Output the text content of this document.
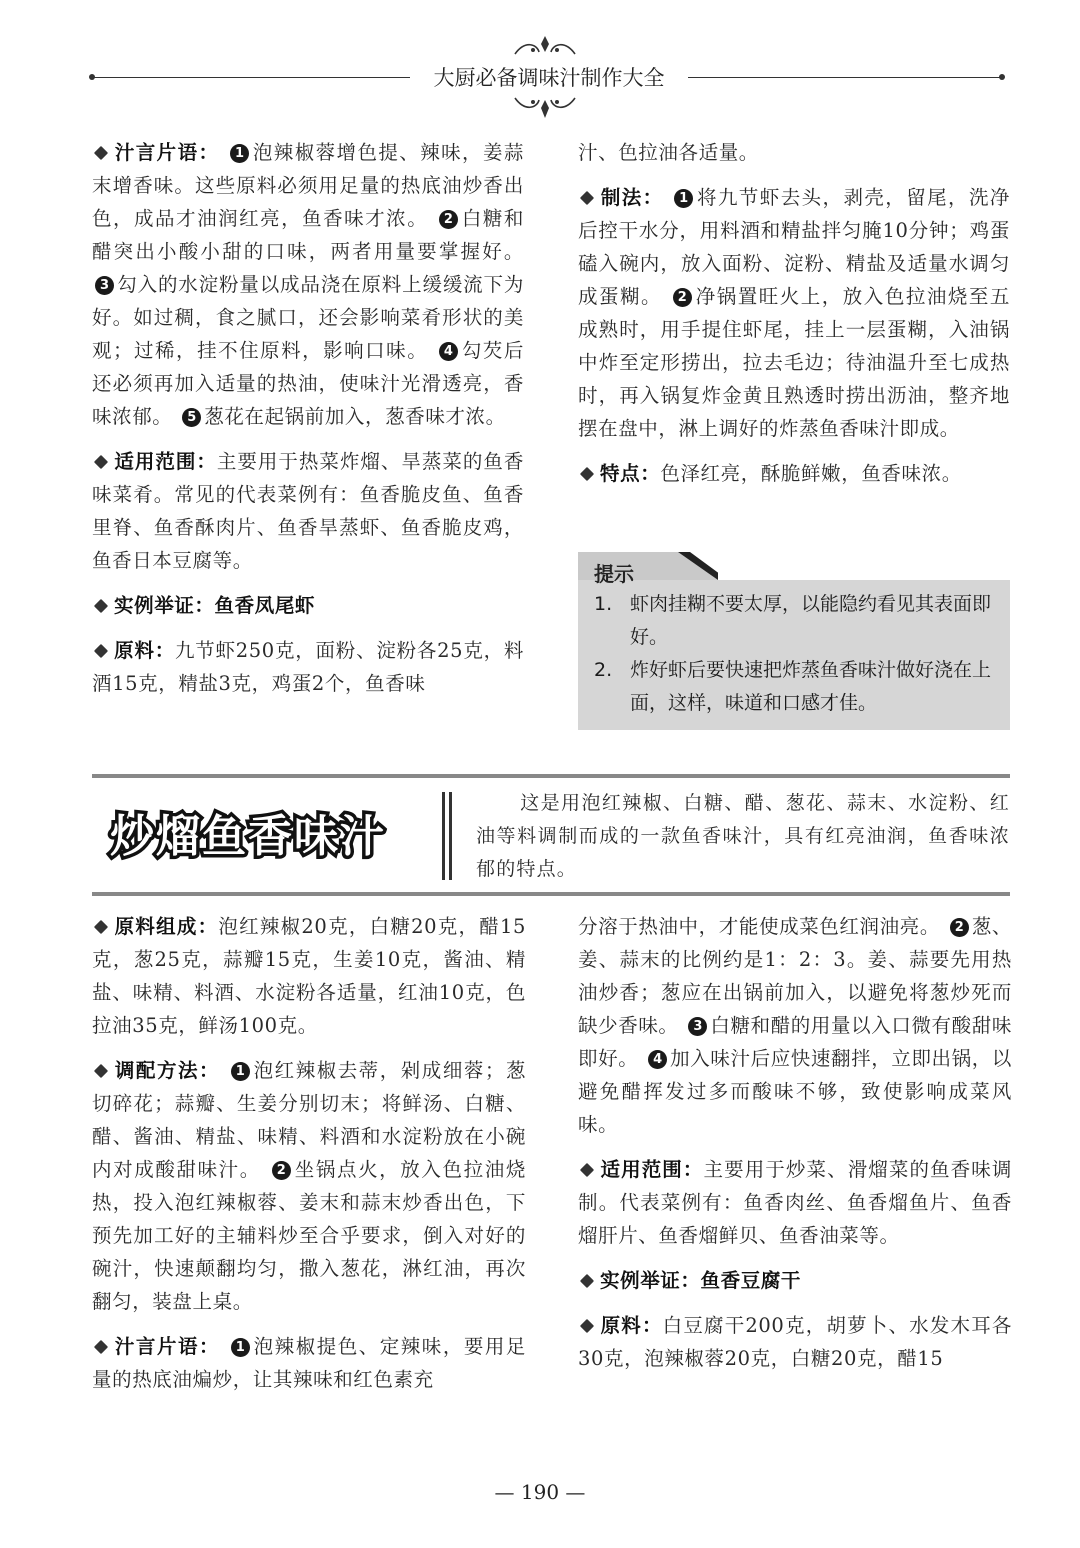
大厨必备调味汁制作大全

汁言片语： 1 泡辣椒蓉增色提、辣味，姜蒜末增香味。这些原料必须用足量的热底油炒香出色，成品才油润红亮，鱼香味才浓。 2 白糖和醋突出小酸小甜的口味，两者用量要掌握好。 3 勾入的水淀粉量以成品浇在原料上缓缓流下为好。如过稠，食之腻口，还会影响菜肴形状的美观；过稀，挂不住原料，影响口味。 4 勾芡后还必须再加入适量的热油，使味汁光滑透亮，香味浓郁。 5 葱花在起锅前加入，葱香味才浓。

适用范围：主要用于热菜炸熘、旱蒸菜的鱼香味菜肴。常见的代表菜例有：鱼香脆皮鱼、鱼香里脊、鱼香酥肉片、鱼香旱蒸虾、鱼香脆皮鸡，鱼香日本豆腐等。

实例举证：鱼香凤尾虾

原料：九节虾250克，面粉、淀粉各25克，料酒15克，精盐3克，鸡蛋2个，鱼香味

汁、色拉油各适量。

制法： 1 将九节虾去头，剥壳，留尾，洗净后控干水分，用料酒和精盐拌匀腌10分钟；鸡蛋磕入碗内，放入面粉、淀粉、精盐及适量水调匀成蛋糊。 2 净锅置旺火上，放入色拉油烧至五成熟时，用手提住虾尾，挂上一层蛋糊，入油锅中炸至定形捞出，拉去毛边；待油温升至七成热时，再入锅复炸金黄且熟透时捞出沥油，整齐地摆在盘中，淋上调好的炸蒸鱼香味汁即成。

特点：色泽红亮，酥脆鲜嫩，鱼香味浓。

提示
1. 虾肉挂糊不要太厚，以能隐约看见其表面即好。
2. 炸好虾后要快速把炸蒸鱼香味汁做好浇在上面，这样，味道和口感才佳。
炒熘鱼香味汁
这是用泡红辣椒、白糖、醋、葱花、蒜末、水淀粉、红油等料调制而成的一款鱼香味汁，具有红亮油润，鱼香味浓郁的特点。

原料组成：泡红辣椒20克，白糖20克，醋15克，葱25克，蒜瓣15克，生姜10克，酱油、精盐、味精、料酒、水淀粉各适量，红油10克，色拉油35克，鲜汤100克。

调配方法： 1 泡红辣椒去蒂，剁成细蓉；葱切碎花；蒜瓣、生姜分别切末；将鲜汤、白糖、醋、酱油、精盐、味精、料酒和水淀粉放在小碗内对成酸甜味汁。 2 坐锅点火，放入色拉油烧热，投入泡红辣椒蓉、姜末和蒜末炒香出色，下预先加工好的主辅料炒至合乎要求，倒入对好的碗汁，快速颠翻均匀，撒入葱花，淋红油，再次翻匀，装盘上桌。

汁言片语： 1 泡辣椒提色、定辣味，要用足量的热底油煸炒，让其辣味和红色素充

分溶于热油中，才能使成菜色红润油亮。 2 葱、姜、蒜末的比例约是1：2：3。姜、蒜要先用热油炒香；葱应在出锅前加入，以避免将葱炒死而缺少香味。 3 白糖和醋的用量以入口微有酸甜味即好。 4 加入味汁后应快速翻拌，立即出锅，以避免醋挥发过多而酸味不够，致使影响成菜风味。

适用范围：主要用于炒菜、滑熘菜的鱼香味调制。代表菜例有：鱼香肉丝、鱼香熘鱼片、鱼香熘肝片、鱼香熘鲜贝、鱼香油菜等。

实例举证：鱼香豆腐干

原料：白豆腐干200克，胡萝卜、水发木耳各30克，泡辣椒蓉20克，白糖20克，醋15

— 190 —
